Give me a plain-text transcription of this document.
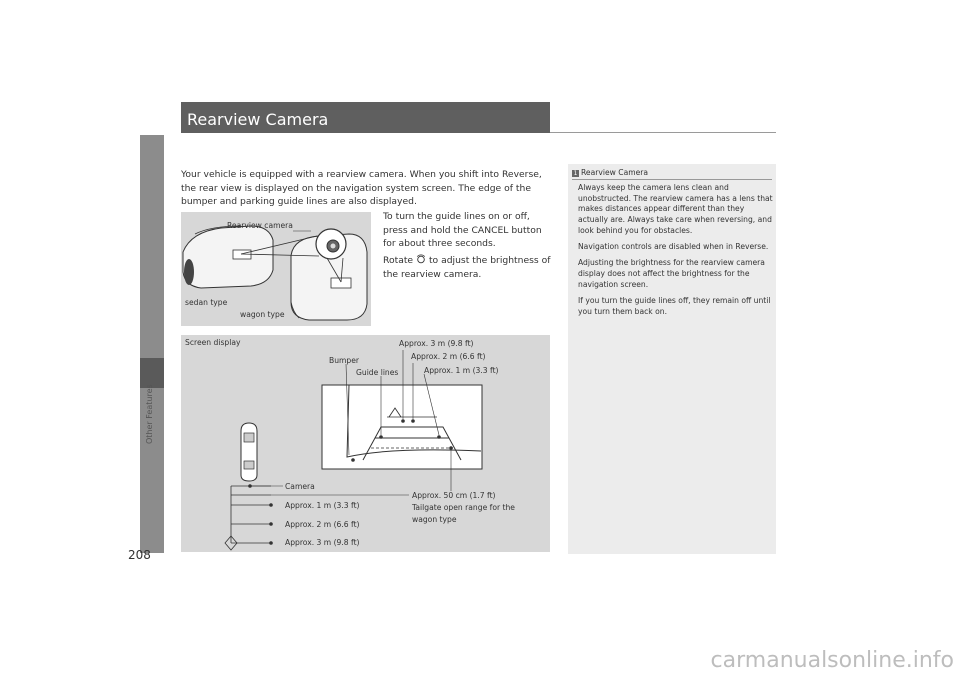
Other Features
Rearview Camera
Your vehicle is equipped with a rearview camera. When you shift into Reverse, the rear view is displayed on the navigation system screen. The edge of the bumper and parking guide lines are also displayed.
To turn the guide lines on or off, press and hold the CANCEL button for about three seconds.
Rotate to adjust the brightness of the rearview camera.
Rearview camera
sedan type
wagon type
Screen display
Bumper
Guide lines
Approx. 3 m (9.8 ft)
Approx. 2 m (6.6 ft)
Approx. 1 m (3.3 ft)
Camera
Approx. 1 m (3.3 ft)
Approx. 2 m (6.6 ft)
Approx. 3 m (9.8 ft)
Approx. 50 cm (1.7 ft)
Tailgate open range for the
wagon type
1 Rearview Camera

Always keep the camera lens clean and unobstructed. The rearview camera has a lens that makes distances appear different than they actually are. Always take care when reversing, and look behind you for obstacles.

Navigation controls are disabled when in Reverse.

Adjusting the brightness for the rearview camera display does not affect the brightness for the navigation screen.

If you turn the guide lines off, they remain off until you turn them back on.

208
carmanualsonline.info
